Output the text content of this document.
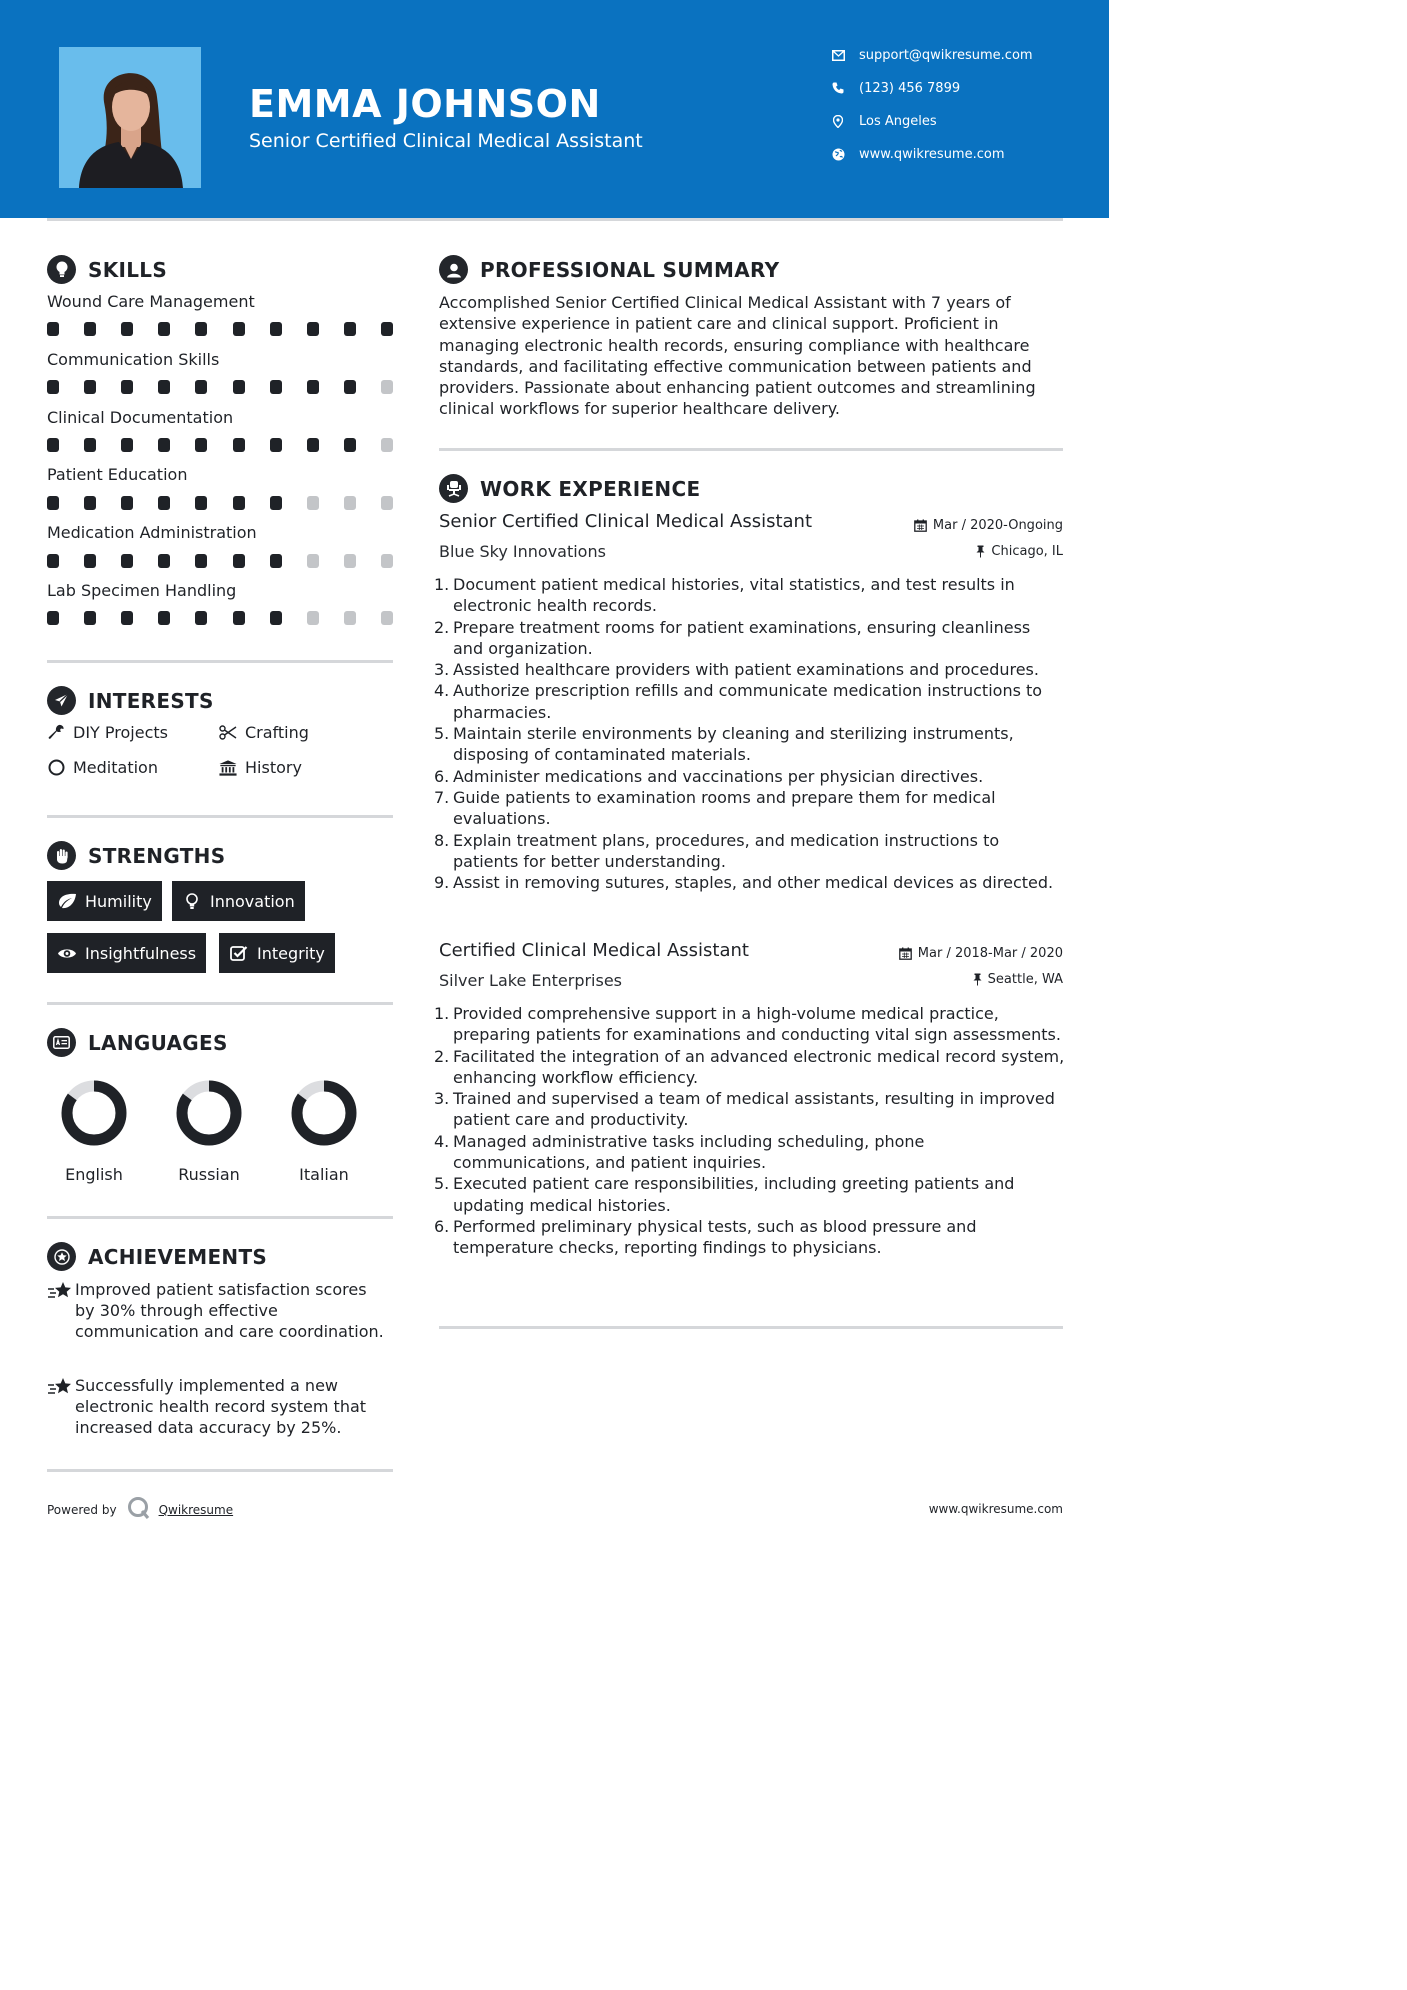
EMMA JOHNSON
Senior Certified Clinical Medical Assistant
support@qwikresume.com
(123) 456 7899
Los Angeles
www.qwikresume.com
SKILLS
Wound Care Management
Communication Skills
Clinical Documentation
Patient Education
Medication Administration
Lab Specimen Handling
INTERESTS
DIY Projects	Crafting
Meditation	History
STRENGTHS
Humility	Innovation
Insightfulness	Integrity
LANGUAGES
English	Russian	Italian
ACHIEVEMENTS
Improved patient satisfaction scores by 30% through effective communication and care coordination.
Successfully implemented a new electronic health record system that increased data accuracy by 25%.
PROFESSIONAL SUMMARY
Accomplished Senior Certified Clinical Medical Assistant with 7 years of extensive experience in patient care and clinical support. Proficient in managing electronic health records, ensuring compliance with healthcare standards, and facilitating effective communication between patients and providers. Passionate about enhancing patient outcomes and streamlining clinical workflows for superior healthcare delivery.
WORK EXPERIENCE
Senior Certified Clinical Medical Assistant	Mar / 2020-Ongoing
Blue Sky Innovations	Chicago, IL
1. Document patient medical histories, vital statistics, and test results in electronic health records.
2. Prepare treatment rooms for patient examinations, ensuring cleanliness and organization.
3. Assisted healthcare providers with patient examinations and procedures.
4. Authorize prescription refills and communicate medication instructions to pharmacies.
5. Maintain sterile environments by cleaning and sterilizing instruments, disposing of contaminated materials.
6. Administer medications and vaccinations per physician directives.
7. Guide patients to examination rooms and prepare them for medical evaluations.
8. Explain treatment plans, procedures, and medication instructions to patients for better understanding.
9. Assist in removing sutures, staples, and other medical devices as directed.
Certified Clinical Medical Assistant	Mar / 2018-Mar / 2020
Silver Lake Enterprises	Seattle, WA
1. Provided comprehensive support in a high-volume medical practice, preparing patients for examinations and conducting vital sign assessments.
2. Facilitated the integration of an advanced electronic medical record system, enhancing workflow efficiency.
3. Trained and supervised a team of medical assistants, resulting in improved patient care and productivity.
4. Managed administrative tasks including scheduling, phone communications, and patient inquiries.
5. Executed patient care responsibilities, including greeting patients and updating medical histories.
6. Performed preliminary physical tests, such as blood pressure and temperature checks, reporting findings to physicians.
Powered by	Qwikresume	www.qwikresume.com
